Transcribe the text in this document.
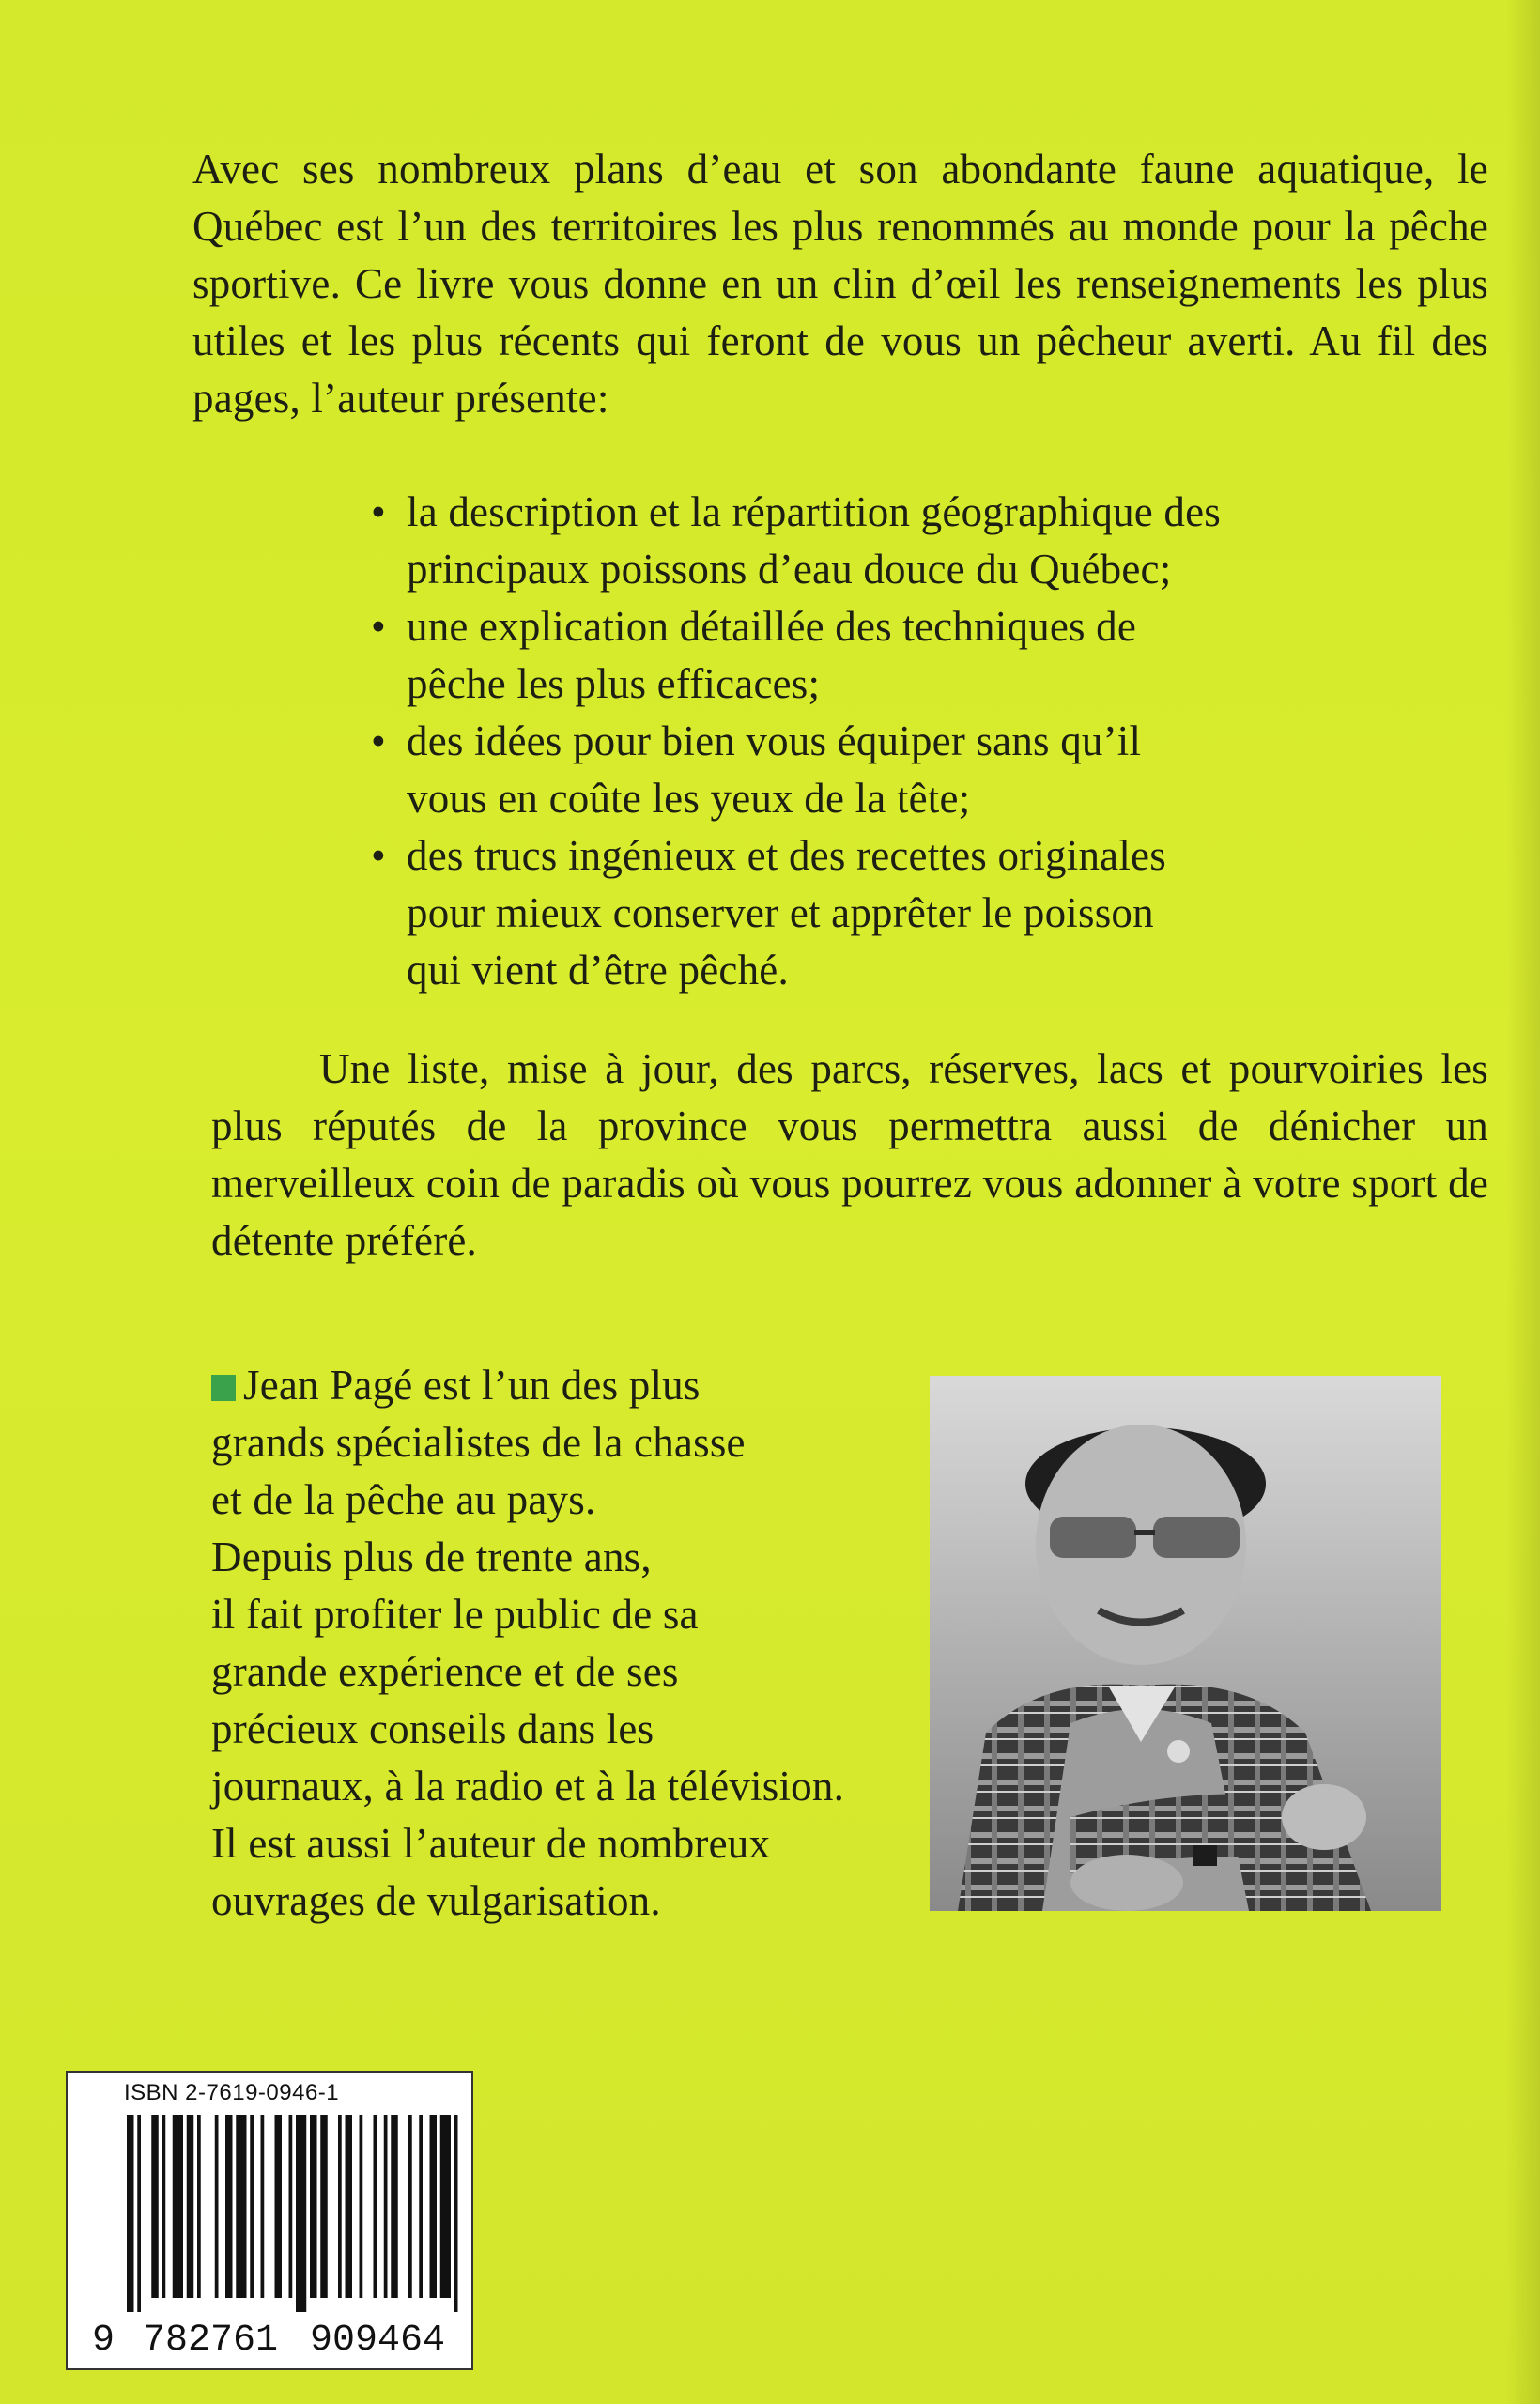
Avec ses nombreux plans d’eau et son abondante faune aquatique, le Québec est l’un des territoires les plus renommés au monde pour la pêche sportive. Ce livre vous donne en un clin d’œil les renseignements les plus utiles et les plus récents qui feront de vous un pêcheur averti. Au fil des pages, l’auteur présente:

• la description et la répartition géographique des
principaux poissons d’eau douce du Québec;
• une explication détaillée des techniques de
pêche les plus efficaces;
• des idées pour bien vous équiper sans qu’il
vous en coûte les yeux de la tête;
• des trucs ingénieux et des recettes originales
pour mieux conserver et apprêter le poisson
qui vient d’être pêché.

Une liste, mise à jour, des parcs, réserves, lacs et pourvoiries les plus réputés de la province vous permettra aussi de dénicher un merveilleux coin de paradis où vous pourrez vous adonner à votre sport de détente préféré.

Jean Pagé est l’un des plus
grands spécialistes de la chasse
et de la pêche au pays.
Depuis plus de trente ans,
il fait profiter le public de sa
grande expérience et de ses
précieux conseils dans les
journaux, à la radio et à la télévision.
Il est aussi l’auteur de nombreux
ouvrages de vulgarisation.
ISBN 2-7619-0946-1
9 782761 909464
